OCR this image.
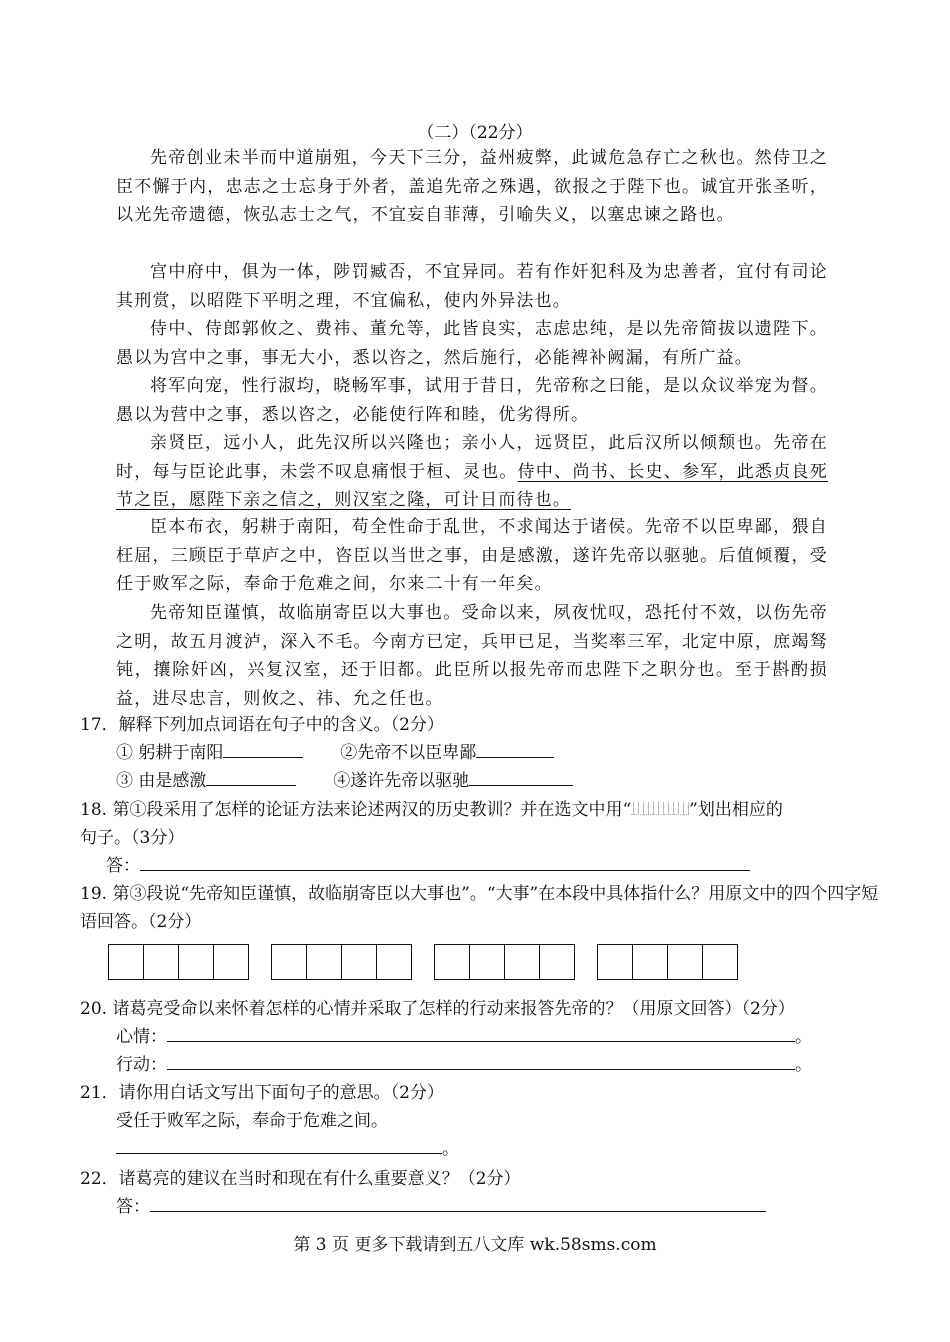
（二）（22分）
先帝创业未半而中道崩殂，今天下三分，益州疲弊，此诚危急存亡之秋也。然侍卫之臣不懈于内，忠志之士忘身于外者，盖追先帝之殊遇，欲报之于陛下也。诚宜开张圣听，以光先帝遗德，恢弘志士之气，不宜妄自菲薄，引喻失义，以塞忠谏之路也。
宫中府中，俱为一体，陟罚臧否，不宜异同。若有作奸犯科及为忠善者，宜付有司论其刑赏，以昭陛下平明之理，不宜偏私，使内外异法也。
侍中、侍郎郭攸之、费祎、董允等，此皆良实，志虑忠纯，是以先帝简拔以遗陛下。愚以为宫中之事，事无大小，悉以咨之，然后施行，必能裨补阙漏，有所广益。
将军向宠，性行淑均，晓畅军事，试用于昔日，先帝称之曰能，是以众议举宠为督。愚以为营中之事，悉以咨之，必能使行阵和睦，优劣得所。
亲贤臣，远小人，此先汉所以兴隆也；亲小人，远贤臣，此后汉所以倾颓也。先帝在时，每与臣论此事，未尝不叹息痛恨于桓、灵也。侍中、尚书、长史、参军，此悉贞良死节之臣，愿陛下亲之信之，则汉室之隆，可计日而待也。
臣本布衣，躬耕于南阳，苟全性命于乱世，不求闻达于诸侯。先帝不以臣卑鄙，猥自枉屈，三顾臣于草庐之中，咨臣以当世之事，由是感激，遂许先帝以驱驰。后值倾覆，受任于败军之际，奉命于危难之间，尔来二十有一年矣。
先帝知臣谨慎，故临崩寄臣以大事也。受命以来，夙夜忧叹，恐托付不效，以伤先帝之明，故五月渡泸，深入不毛。今南方已定，兵甲已足，当奖率三军，北定中原，庶竭驽钝，攘除奸凶，兴复汉室，还于旧都。此臣所以报先帝而忠陛下之职分也。至于斟酌损益，进尽忠言，则攸之、祎、允之任也。
17．解释下列加点词语在句子中的含义。（2分）
① 躬耕于南阳	②先帝不以臣卑鄙
③ 由是感激	④遂许先帝以驱驰
18. 第①段采用了怎样的论证方法来论述两汉的历史教训？并在选文中用“	”划出相应的
句子。（3分）
答：
19. 第③段说“先帝知臣谨慎，故临崩寄臣以大事也”。“大事”在本段中具体指什么？用原文中的四个四字短语回答。（2分）
20. 诸葛亮受命以来怀着怎样的心情并采取了怎样的行动来报答先帝的？（用原文回答）（2分）
心情：	。
行动：	。
21．请你用白话文写出下面句子的意思。（2分）
受任于败军之际，奉命于危难之间。
。
22．诸葛亮的建议在当时和现在有什么重要意义？（2分）
答：
第 3 页 更多下载请到五八文库 wk.58sms.com
